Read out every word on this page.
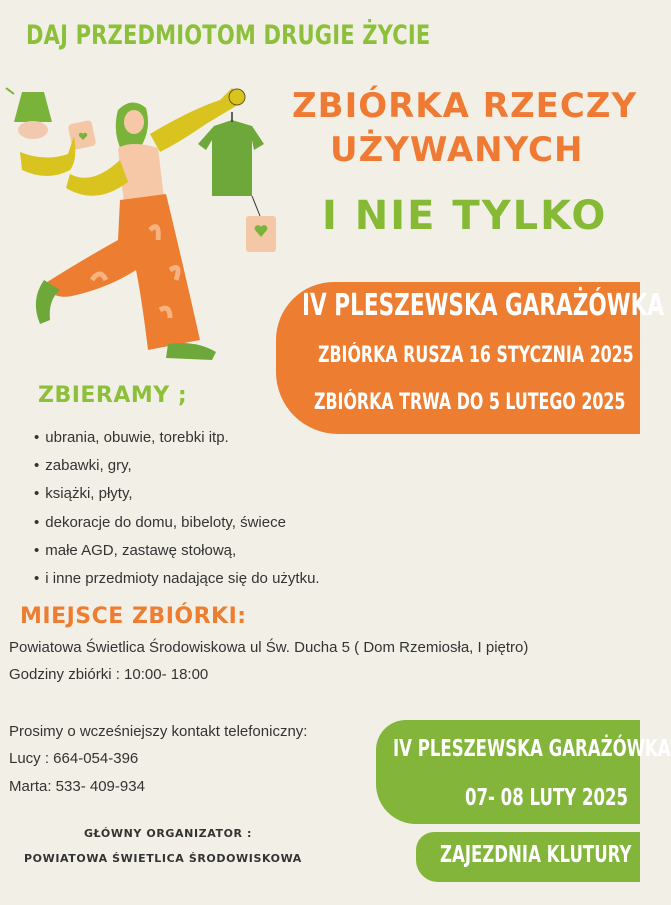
DAJ PRZEDMIOTOM DRUGIE ŻYCIE
ZBIÓRKA RZECZY
UŻYWANYCH
I NIE TYLKO
IV PLESZEWSKA GARAŻÓWKA
ZBIÓRKA RUSZA 16 STYCZNIA 2025
ZBIÓRKA TRWA DO 5 LUTEGO 2025
ZBIERAMY ;
• ubrania, obuwie, torebki itp.
• zabawki, gry,
• książki, płyty,
• dekoracje do domu, bibeloty, świece
• małe AGD, zastawę stołową,
• i inne przedmioty nadające się do użytku.
MIEJSCE ZBIÓRKI:
Powiatowa Świetlica Środowiskowa ul Św. Ducha 5 ( Dom Rzemiosła, I piętro)
Godziny zbiórki : 10:00- 18:00
Prosimy o wcześniejszy kontakt telefoniczny:
Lucy : 664-054-396
Marta: 533- 409-934
GŁÓWNY ORGANIZATOR :
POWIATOWA ŚWIETLICA ŚRODOWISKOWA
IV PLESZEWSKA GARAŻÓWKA
07- 08 LUTY 2025
ZAJEZDNIA KLUTURY
